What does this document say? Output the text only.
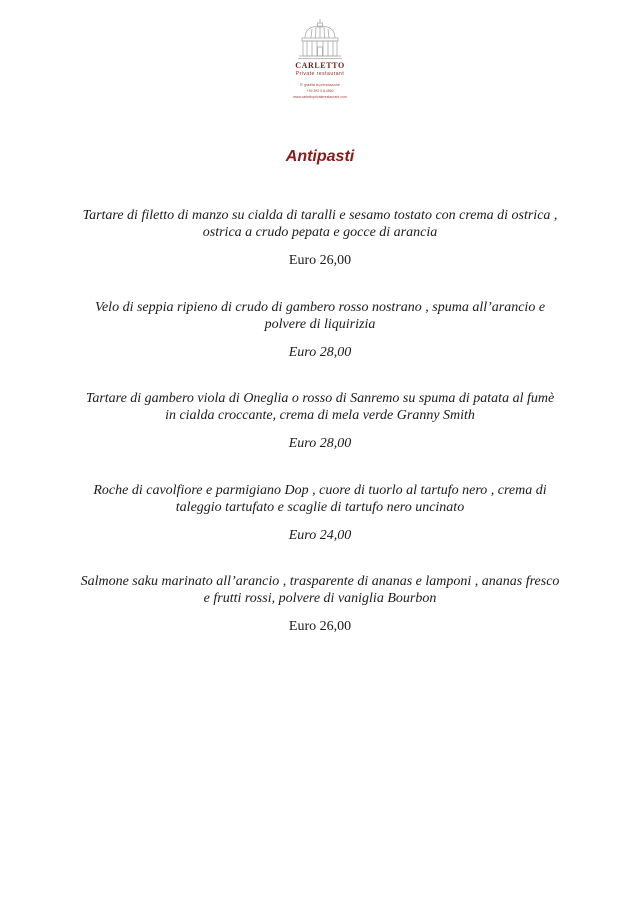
CARLETTO
Private restaurant
E' gradita la prenotazione
+39 392 0114560
www.carlettoprivaterestaurant.com
Antipasti

Tartare di filetto di manzo su cialda di taralli e sesamo tostato con crema di ostrica ,
ostrica a crudo pepata e gocce di arancia

Euro 26,00

Velo di seppia ripieno di crudo di gambero rosso nostrano , spuma all’arancio e
polvere di liquirizia

Euro 28,00

Tartare di gambero viola di Oneglia o rosso di Sanremo su spuma di patata al fumè
in cialda croccante, crema di mela verde Granny Smith

Euro 28,00

Roche di cavolfiore e parmigiano Dop , cuore di tuorlo al tartufo nero , crema di
taleggio tartufato e scaglie di tartufo nero uncinato

Euro 24,00

Salmone saku marinato all’arancio , trasparente di ananas e lamponi , ananas fresco
e frutti rossi, polvere di vaniglia Bourbon

Euro 26,00
